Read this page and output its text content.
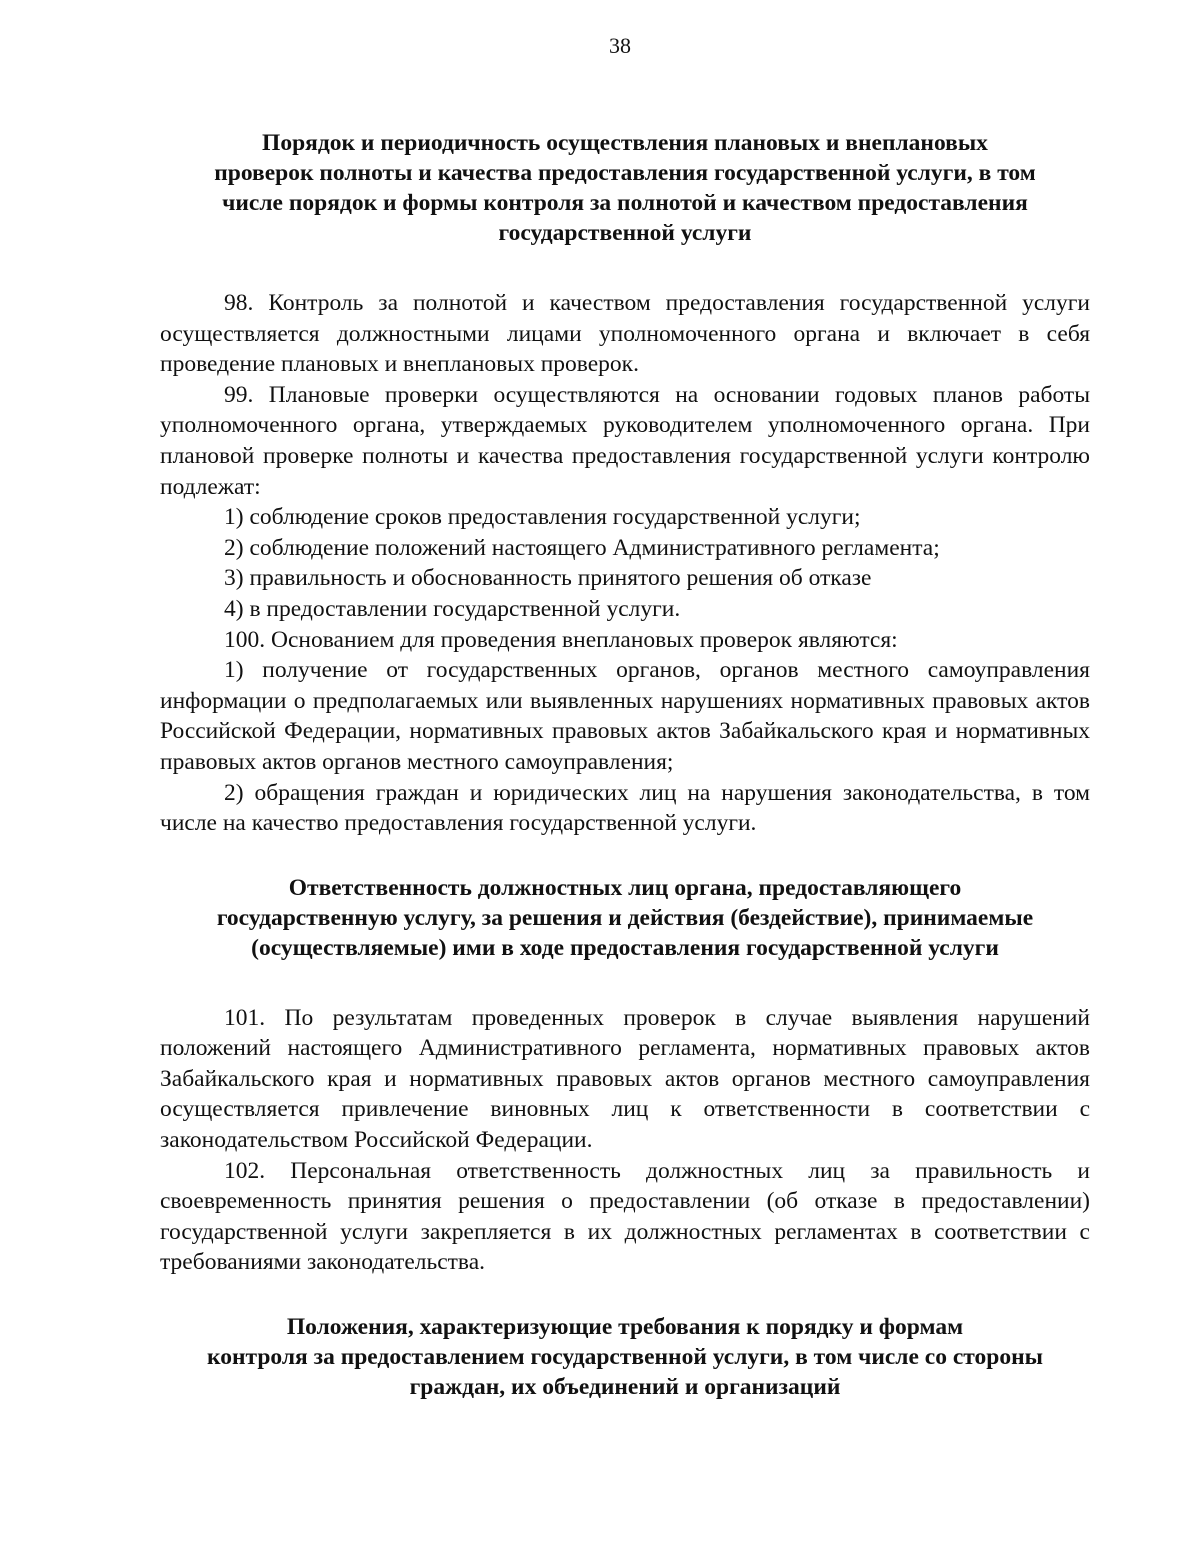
38
Порядок и периодичность осуществления плановых и внеплановых
проверок полноты и качества предоставления государственной услуги, в том
числе порядок и формы контроля за полнотой и качеством предоставления
государственной услуги

98. Контроль за полнотой и качеством предоставления государственной услуги осуществляется должностными лицами уполномоченного органа и включает в себя проведение плановых и внеплановых проверок.

99. Плановые проверки осуществляются на основании годовых планов работы уполномоченного органа, утверждаемых руководителем уполномоченного органа. При плановой проверке полноты и качества предоставления государственной услуги контролю подлежат:

1) соблюдение сроков предоставления государственной услуги;

2) соблюдение положений настоящего Административного регламента;

3) правильность и обоснованность принятого решения об отказе

4) в предоставлении государственной услуги.

100. Основанием для проведения внеплановых проверок являются:

1) получение от государственных органов, органов местного самоуправления информации о предполагаемых или выявленных нарушениях нормативных правовых актов Российской Федерации, нормативных правовых актов Забайкальского края и нормативных правовых актов органов местного самоуправления;

2) обращения граждан и юридических лиц на нарушения законодательства, в том числе на качество предоставления государственной услуги.

Ответственность должностных лиц органа, предоставляющего
государственную услугу, за решения и действия (бездействие), принимаемые
(осуществляемые) ими в ходе предоставления государственной услуги

101. По результатам проведенных проверок в случае выявления нарушений положений настоящего Административного регламента, нормативных правовых актов Забайкальского края и нормативных правовых актов органов местного самоуправления осуществляется привлечение виновных лиц к ответственности в соответствии с законодательством Российской Федерации.

102. Персональная ответственность должностных лиц за правильность и своевременность принятия решения о предоставлении (об отказе в предоставлении) государственной услуги закрепляется в их должностных регламентах в соответствии с требованиями законодательства.

Положения, характеризующие требования к порядку и формам
контроля за предоставлением государственной услуги, в том числе со стороны
граждан, их объединений и организаций
